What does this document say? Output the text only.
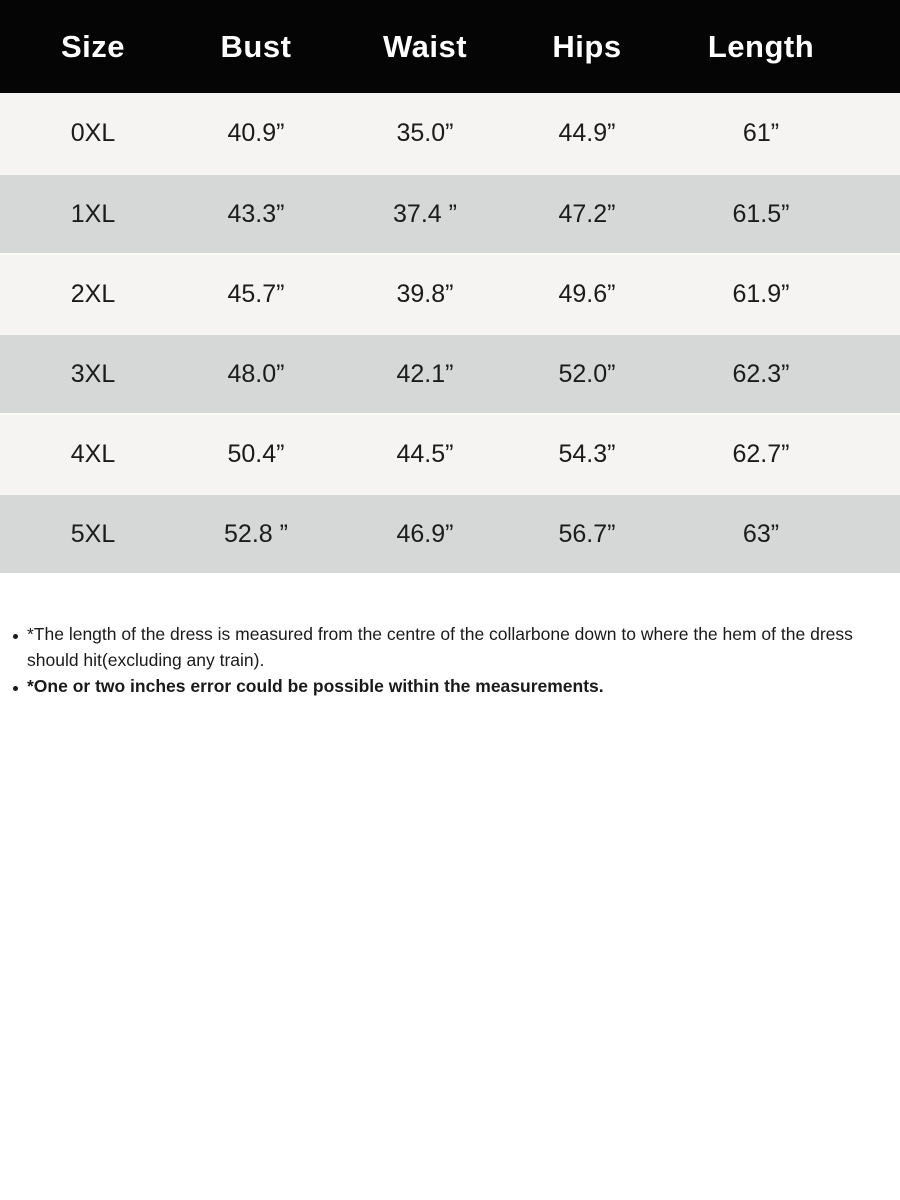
Size	Bust	Waist	Hips	Length
0XL	40.9”	35.0”	44.9”	61”
1XL	43.3”	37.4 ”	47.2”	61.5”
2XL	45.7”	39.8”	49.6”	61.9”
3XL	48.0”	42.1”	52.0”	62.3”
4XL	50.4”	44.5”	54.3”	62.7”
5XL	52.8 ”	46.9”	56.7”	63”
*The length of the dress is measured from the centre of the collarbone down to where the hem of the dress should hit(excluding any train).
*One or two inches error could be possible within the measurements.
